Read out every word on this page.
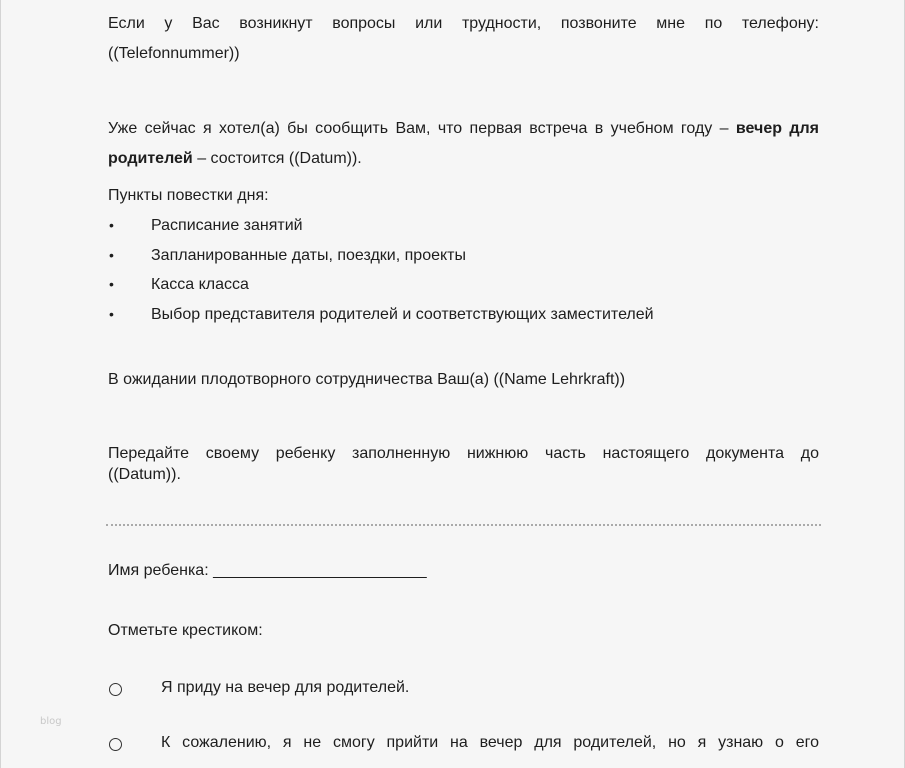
Если у Вас возникнут вопросы или трудности, позвоните мне по телефону:

((Telefonnummer))

Уже сейчас я хотел(а) бы сообщить Вам, что первая встреча в учебном году – вечер для родителей – состоится ((Datum)).

Пункты повестки дня:

• Расписание занятий
• Запланированные даты, поездки, проекты
• Касса класса
• Выбор представителя родителей и соответствующих заместителей

В ожидании плодотворного сотрудничества Ваш(а) ((Name Lehrkraft))

Передайте своему ребенку заполненную нижнюю часть настоящего документа до

((Datum)).

Имя ребенка: ________________________

Отметьте крестиком:

Я приду на вечер для родителей.
К сожалению, я не смогу прийти на вечер для родителей, но я узнаю о его
blog
